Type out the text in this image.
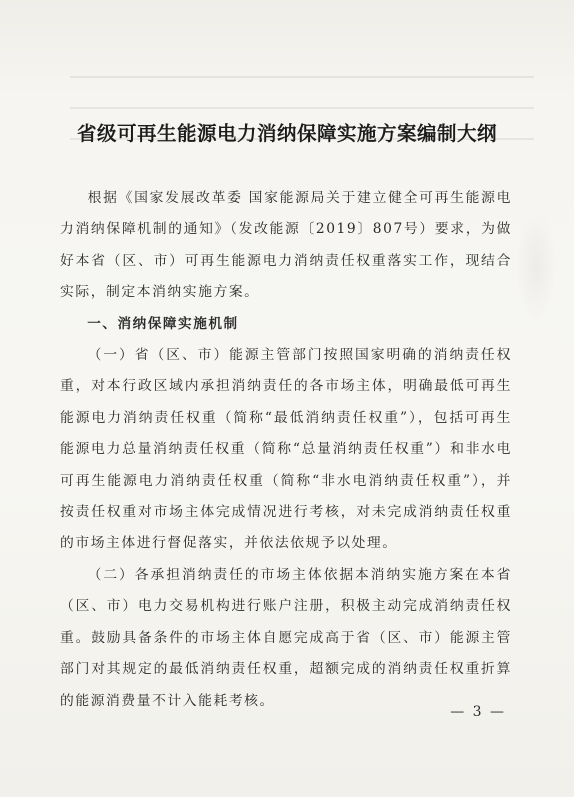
省级可再生能源电力消纳保障实施方案编制大纲

根据《国家发展改革委 国家能源局关于建立健全可再生能源电力消纳保障机制的通知》（发改能源〔2019〕807号）要求，为做好本省（区、市）可再生能源电力消纳责任权重落实工作，现结合实际，制定本消纳实施方案。

一、消纳保障实施机制

（一）省（区、市）能源主管部门按照国家明确的消纳责任权重，对本行政区域内承担消纳责任的各市场主体，明确最低可再生能源电力消纳责任权重（简称“最低消纳责任权重”），包括可再生能源电力总量消纳责任权重（简称“总量消纳责任权重”）和非水电可再生能源电力消纳责任权重（简称“非水电消纳责任权重”），并按责任权重对市场主体完成情况进行考核，对未完成消纳责任权重的市场主体进行督促落实，并依法依规予以处理。

（二）各承担消纳责任的市场主体依据本消纳实施方案在本省（区、市）电力交易机构进行账户注册，积极主动完成消纳责任权重。鼓励具备条件的市场主体自愿完成高于省（区、市）能源主管部门对其规定的最低消纳责任权重，超额完成的消纳责任权重折算的能源消费量不计入能耗考核。

— 3 —
